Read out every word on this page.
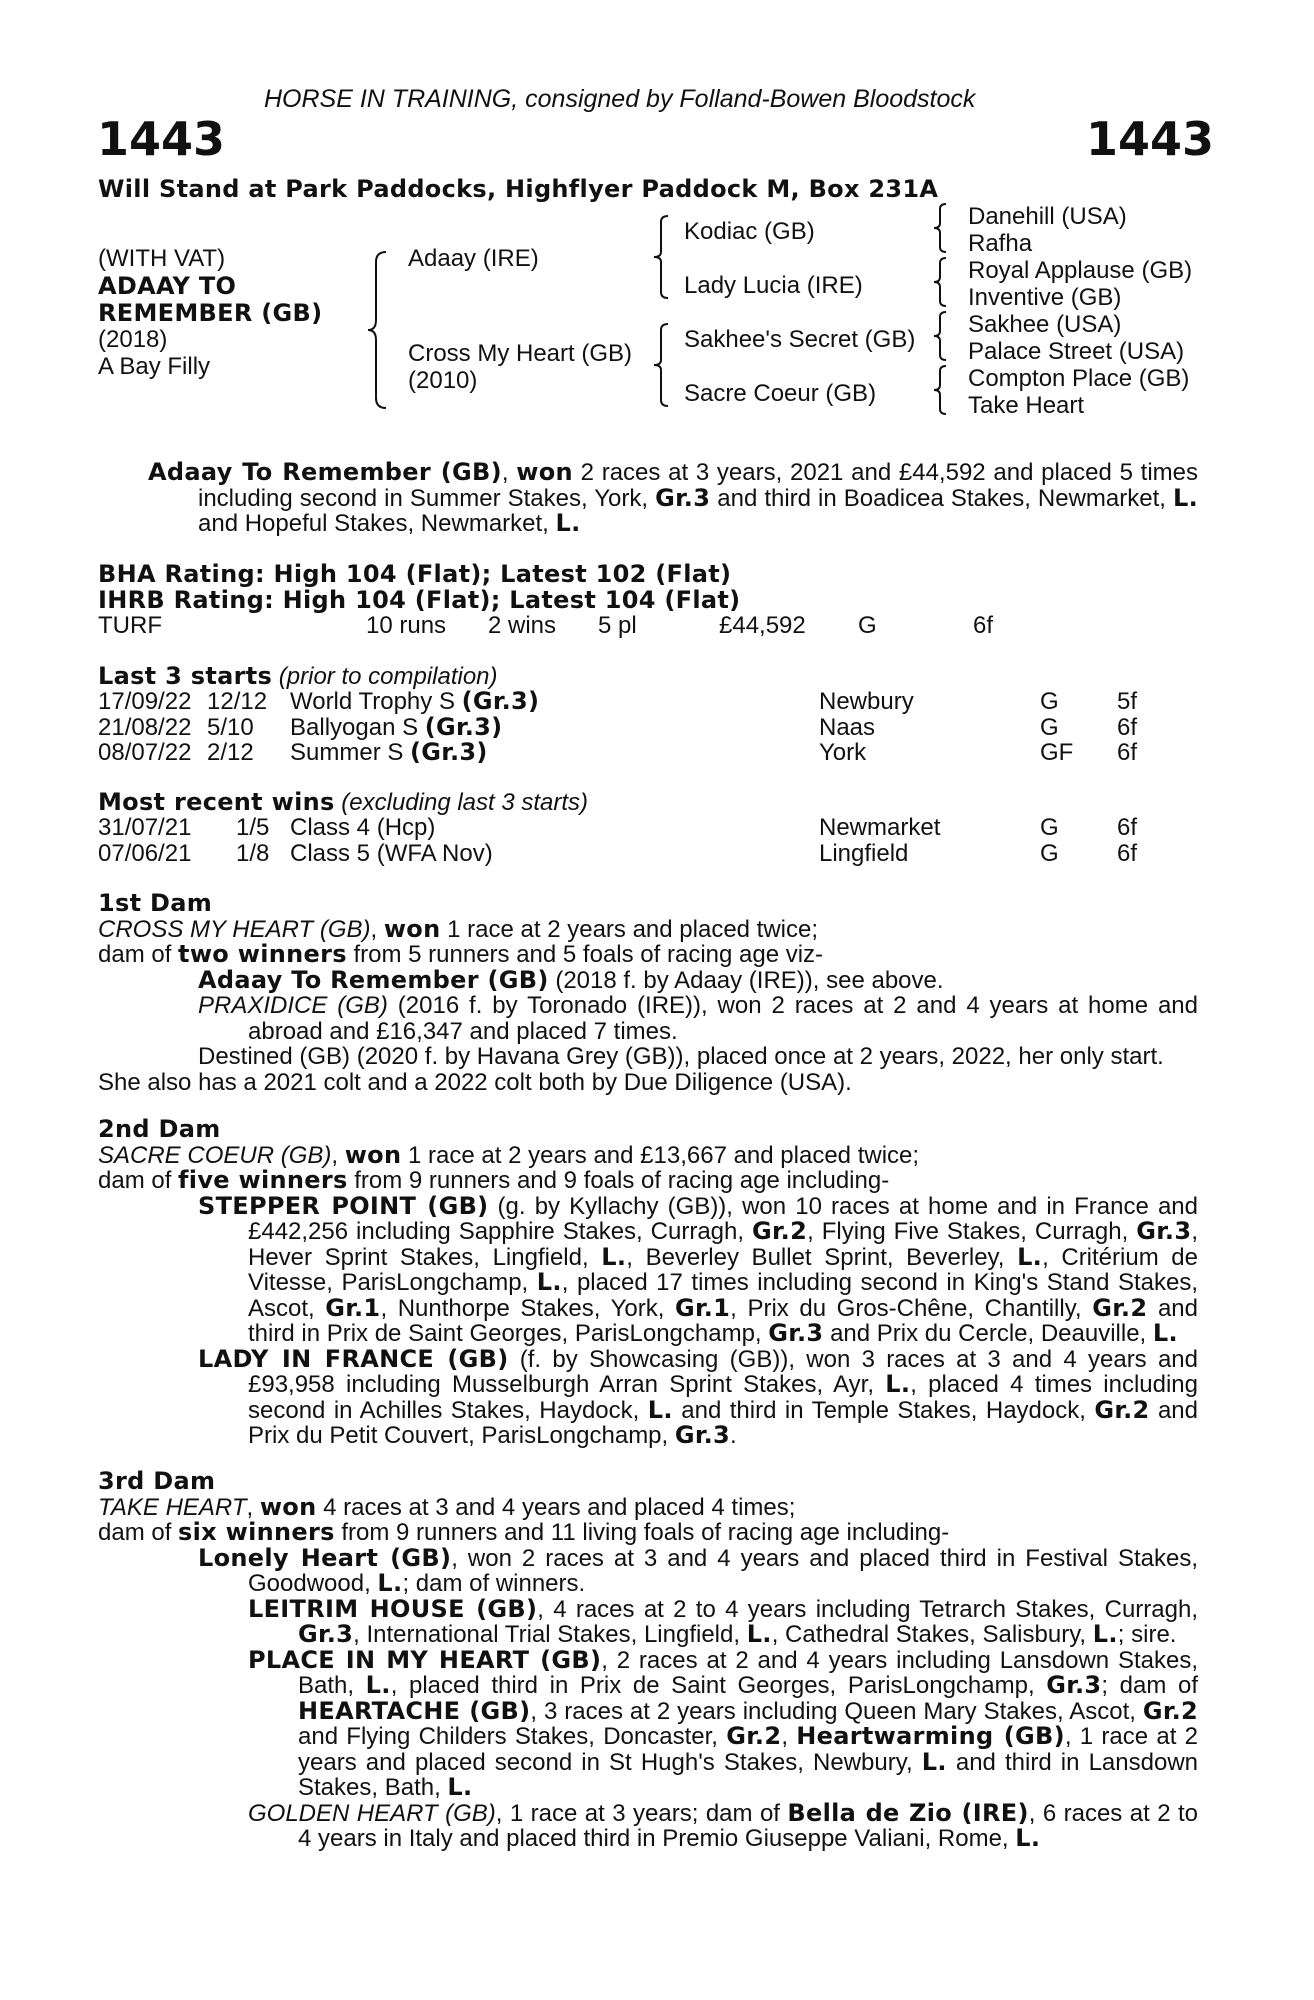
HORSE IN TRAINING, consigned by Folland-Bowen Bloodstock
1443	1443
Will Stand at Park Paddocks, Highflyer Paddock M, Box 231A
(WITH VAT)
ADAAY TO
REMEMBER (GB)
(2018)
A Bay Filly
Adaay (IRE)
Cross My Heart (GB)
(2010)
Kodiac (GB)
Lady Lucia (IRE)
Sakhee's Secret (GB)
Sacre Coeur (GB)
Danehill (USA)
Rafha
Royal Applause (GB)
Inventive (GB)
Sakhee (USA)
Palace Street (USA)
Compton Place (GB)
Take Heart

Adaay To Remember (GB), won 2 races at 3 years, 2021 and £44,592 and placed 5 times including second in Summer Stakes, York, Gr.3 and third in Boadicea Stakes, Newmarket, L. and Hopeful Stakes, Newmarket, L.

BHA Rating: High 104 (Flat); Latest 102 (Flat)
IHRB Rating: High 104 (Flat); Latest 104 (Flat)
TURF	10 runs 2 wins 5 pl	£44,592 G	6f
Last 3 starts (prior to compilation)
17/09/22 12/12 World Trophy S (Gr.3)	Newbury	G 5f
21/08/22 5/10 Ballyogan S (Gr.3)	Naas	G 6f
08/07/22 2/12 Summer S (Gr.3)	York	GF 6f
Most recent wins (excluding last 3 starts)
31/07/21 1/5 Class 4 (Hcp)	Newmarket	G 6f
07/06/21 1/8 Class 5 (WFA Nov)	Lingfield	G 6f

1st Dam

CROSS MY HEART (GB), won 1 race at 2 years and placed twice;

dam of two winners from 5 runners and 5 foals of racing age viz-

Adaay To Remember (GB) (2018 f. by Adaay (IRE)), see above.

PRAXIDICE (GB) (2016 f. by Toronado (IRE)), won 2 races at 2 and 4 years at home and abroad and £16,347 and placed 7 times.

Destined (GB) (2020 f. by Havana Grey (GB)), placed once at 2 years, 2022, her only start.

She also has a 2021 colt and a 2022 colt both by Due Diligence (USA).

2nd Dam

SACRE COEUR (GB), won 1 race at 2 years and £13,667 and placed twice;

dam of five winners from 9 runners and 9 foals of racing age including-

STEPPER POINT (GB) (g. by Kyllachy (GB)), won 10 races at home and in France and £442,256 including Sapphire Stakes, Curragh, Gr.2, Flying Five Stakes, Curragh, Gr.3, Hever Sprint Stakes, Lingfield, L., Beverley Bullet Sprint, Beverley, L., Critérium de Vitesse, ParisLongchamp, L., placed 17 times including second in King's Stand Stakes, Ascot, Gr.1, Nunthorpe Stakes, York, Gr.1, Prix du Gros-Chêne, Chantilly, Gr.2 and third in Prix de Saint Georges, ParisLongchamp, Gr.3 and Prix du Cercle, Deauville, L.

LADY IN FRANCE (GB) (f. by Showcasing (GB)), won 3 races at 3 and 4 years and £93,958 including Musselburgh Arran Sprint Stakes, Ayr, L., placed 4 times including second in Achilles Stakes, Haydock, L. and third in Temple Stakes, Haydock, Gr.2 and Prix du Petit Couvert, ParisLongchamp, Gr.3.

3rd Dam

TAKE HEART, won 4 races at 3 and 4 years and placed 4 times;

dam of six winners from 9 runners and 11 living foals of racing age including-

Lonely Heart (GB), won 2 races at 3 and 4 years and placed third in Festival Stakes, Goodwood, L.; dam of winners.

LEITRIM HOUSE (GB), 4 races at 2 to 4 years including Tetrarch Stakes, Curragh, Gr.3, International Trial Stakes, Lingfield, L., Cathedral Stakes, Salisbury, L.; sire.

PLACE IN MY HEART (GB), 2 races at 2 and 4 years including Lansdown Stakes, Bath, L., placed third in Prix de Saint Georges, ParisLongchamp, Gr.3; dam of HEARTACHE (GB), 3 races at 2 years including Queen Mary Stakes, Ascot, Gr.2 and Flying Childers Stakes, Doncaster, Gr.2, Heartwarming (GB), 1 race at 2 years and placed second in St Hugh's Stakes, Newbury, L. and third in Lansdown Stakes, Bath, L.

GOLDEN HEART (GB), 1 race at 3 years; dam of Bella de Zio (IRE), 6 races at 2 to 4 years in Italy and placed third in Premio Giuseppe Valiani, Rome, L.
